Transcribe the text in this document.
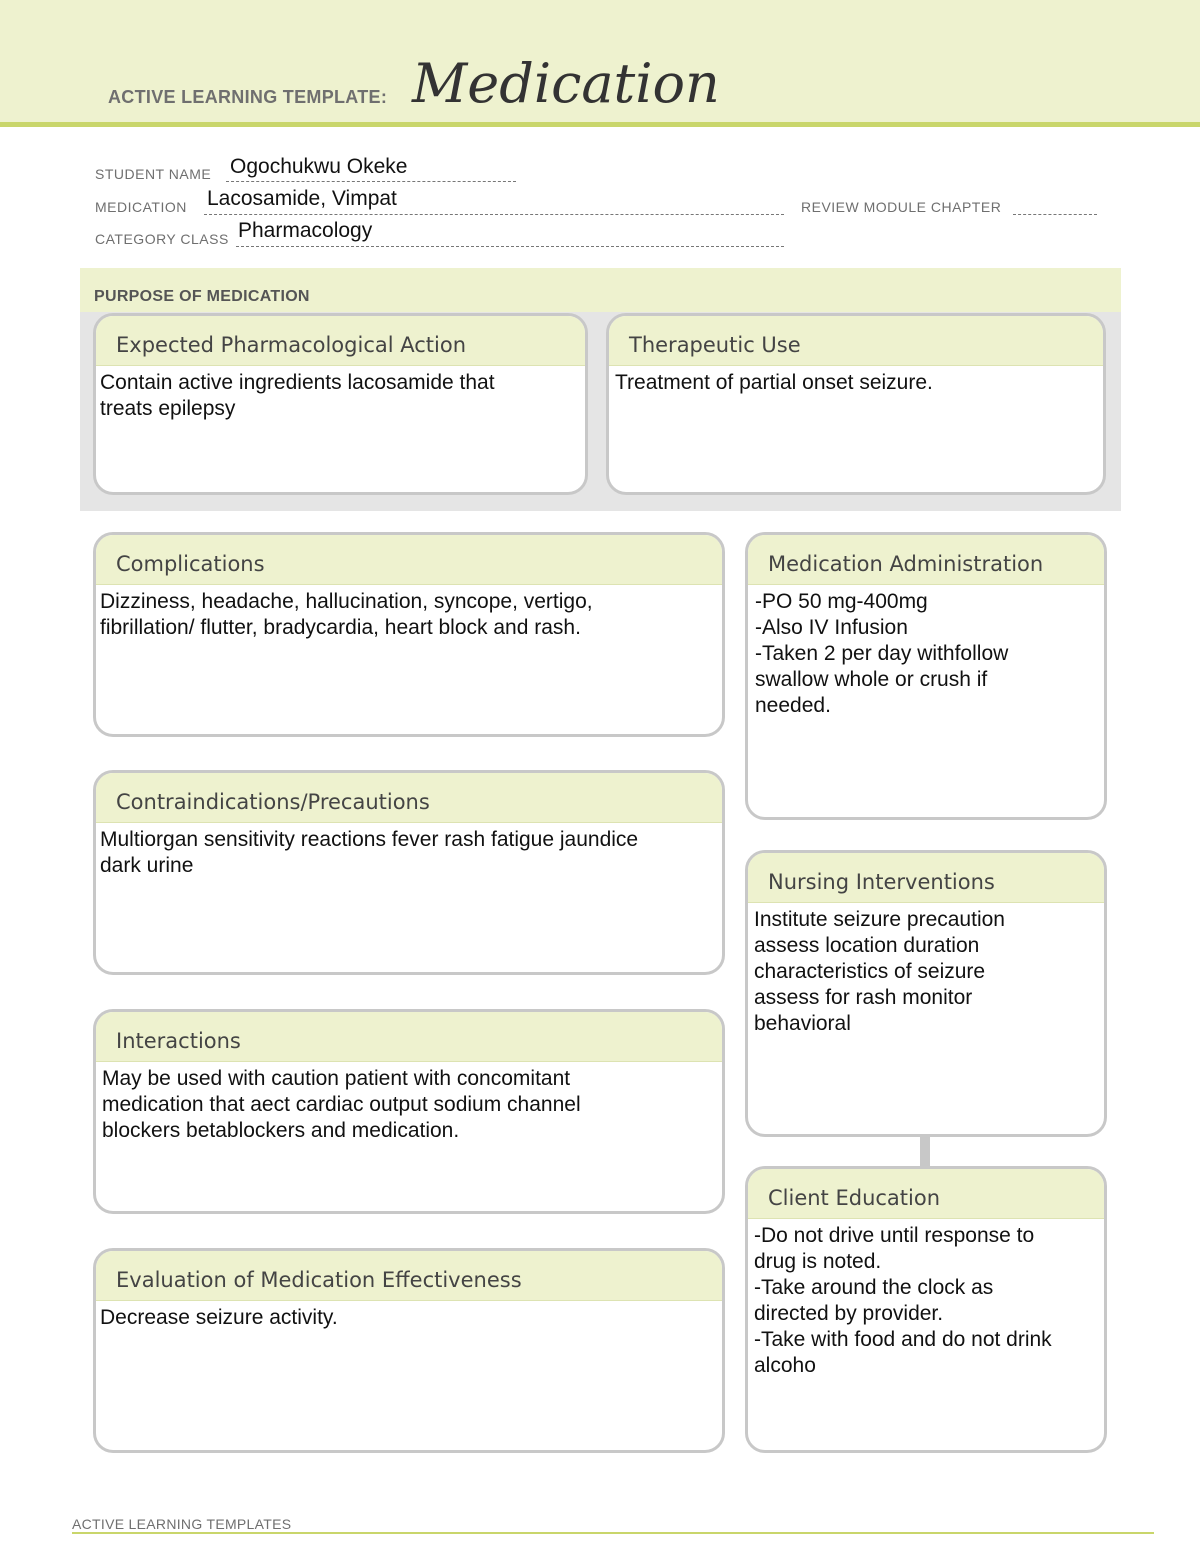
ACTIVE LEARNING TEMPLATE: Medication
STUDENT NAME Ogochukwu Okeke
MEDICATION Lacosamide, Vimpat	REVIEW MODULE CHAPTER
CATEGORY CLASS Pharmacology
PURPOSE OF MEDICATION
Expected Pharmacological Action
Contain active ingredients lacosamide that
treats epilepsy
Therapeutic Use
Treatment of partial onset seizure.
Complications
Dizziness, headache, hallucination, syncope, vertigo,
fibrillation/ flutter, bradycardia, heart block and rash.
Contraindications/Precautions
Multiorgan sensitivity reactions fever rash fatigue jaundice
dark urine
Interactions
May be used with caution patient with concomitant
medication that aect cardiac output sodium channel
blockers betablockers and medication.
Evaluation of Medication Effectiveness
Decrease seizure activity.
Medication Administration
-PO 50 mg-400mg
-Also IV Infusion
-Taken 2 per day withfollow
swallow whole or crush if
needed.
Nursing Interventions
Institute seizure precaution
assess location duration
characteristics of seizure
assess for rash monitor
behavioral
Client Education
-Do not drive until response to
drug is noted.
-Take around the clock as
directed by provider.
-Take with food and do not drink
alcoho
ACTIVE LEARNING TEMPLATES
